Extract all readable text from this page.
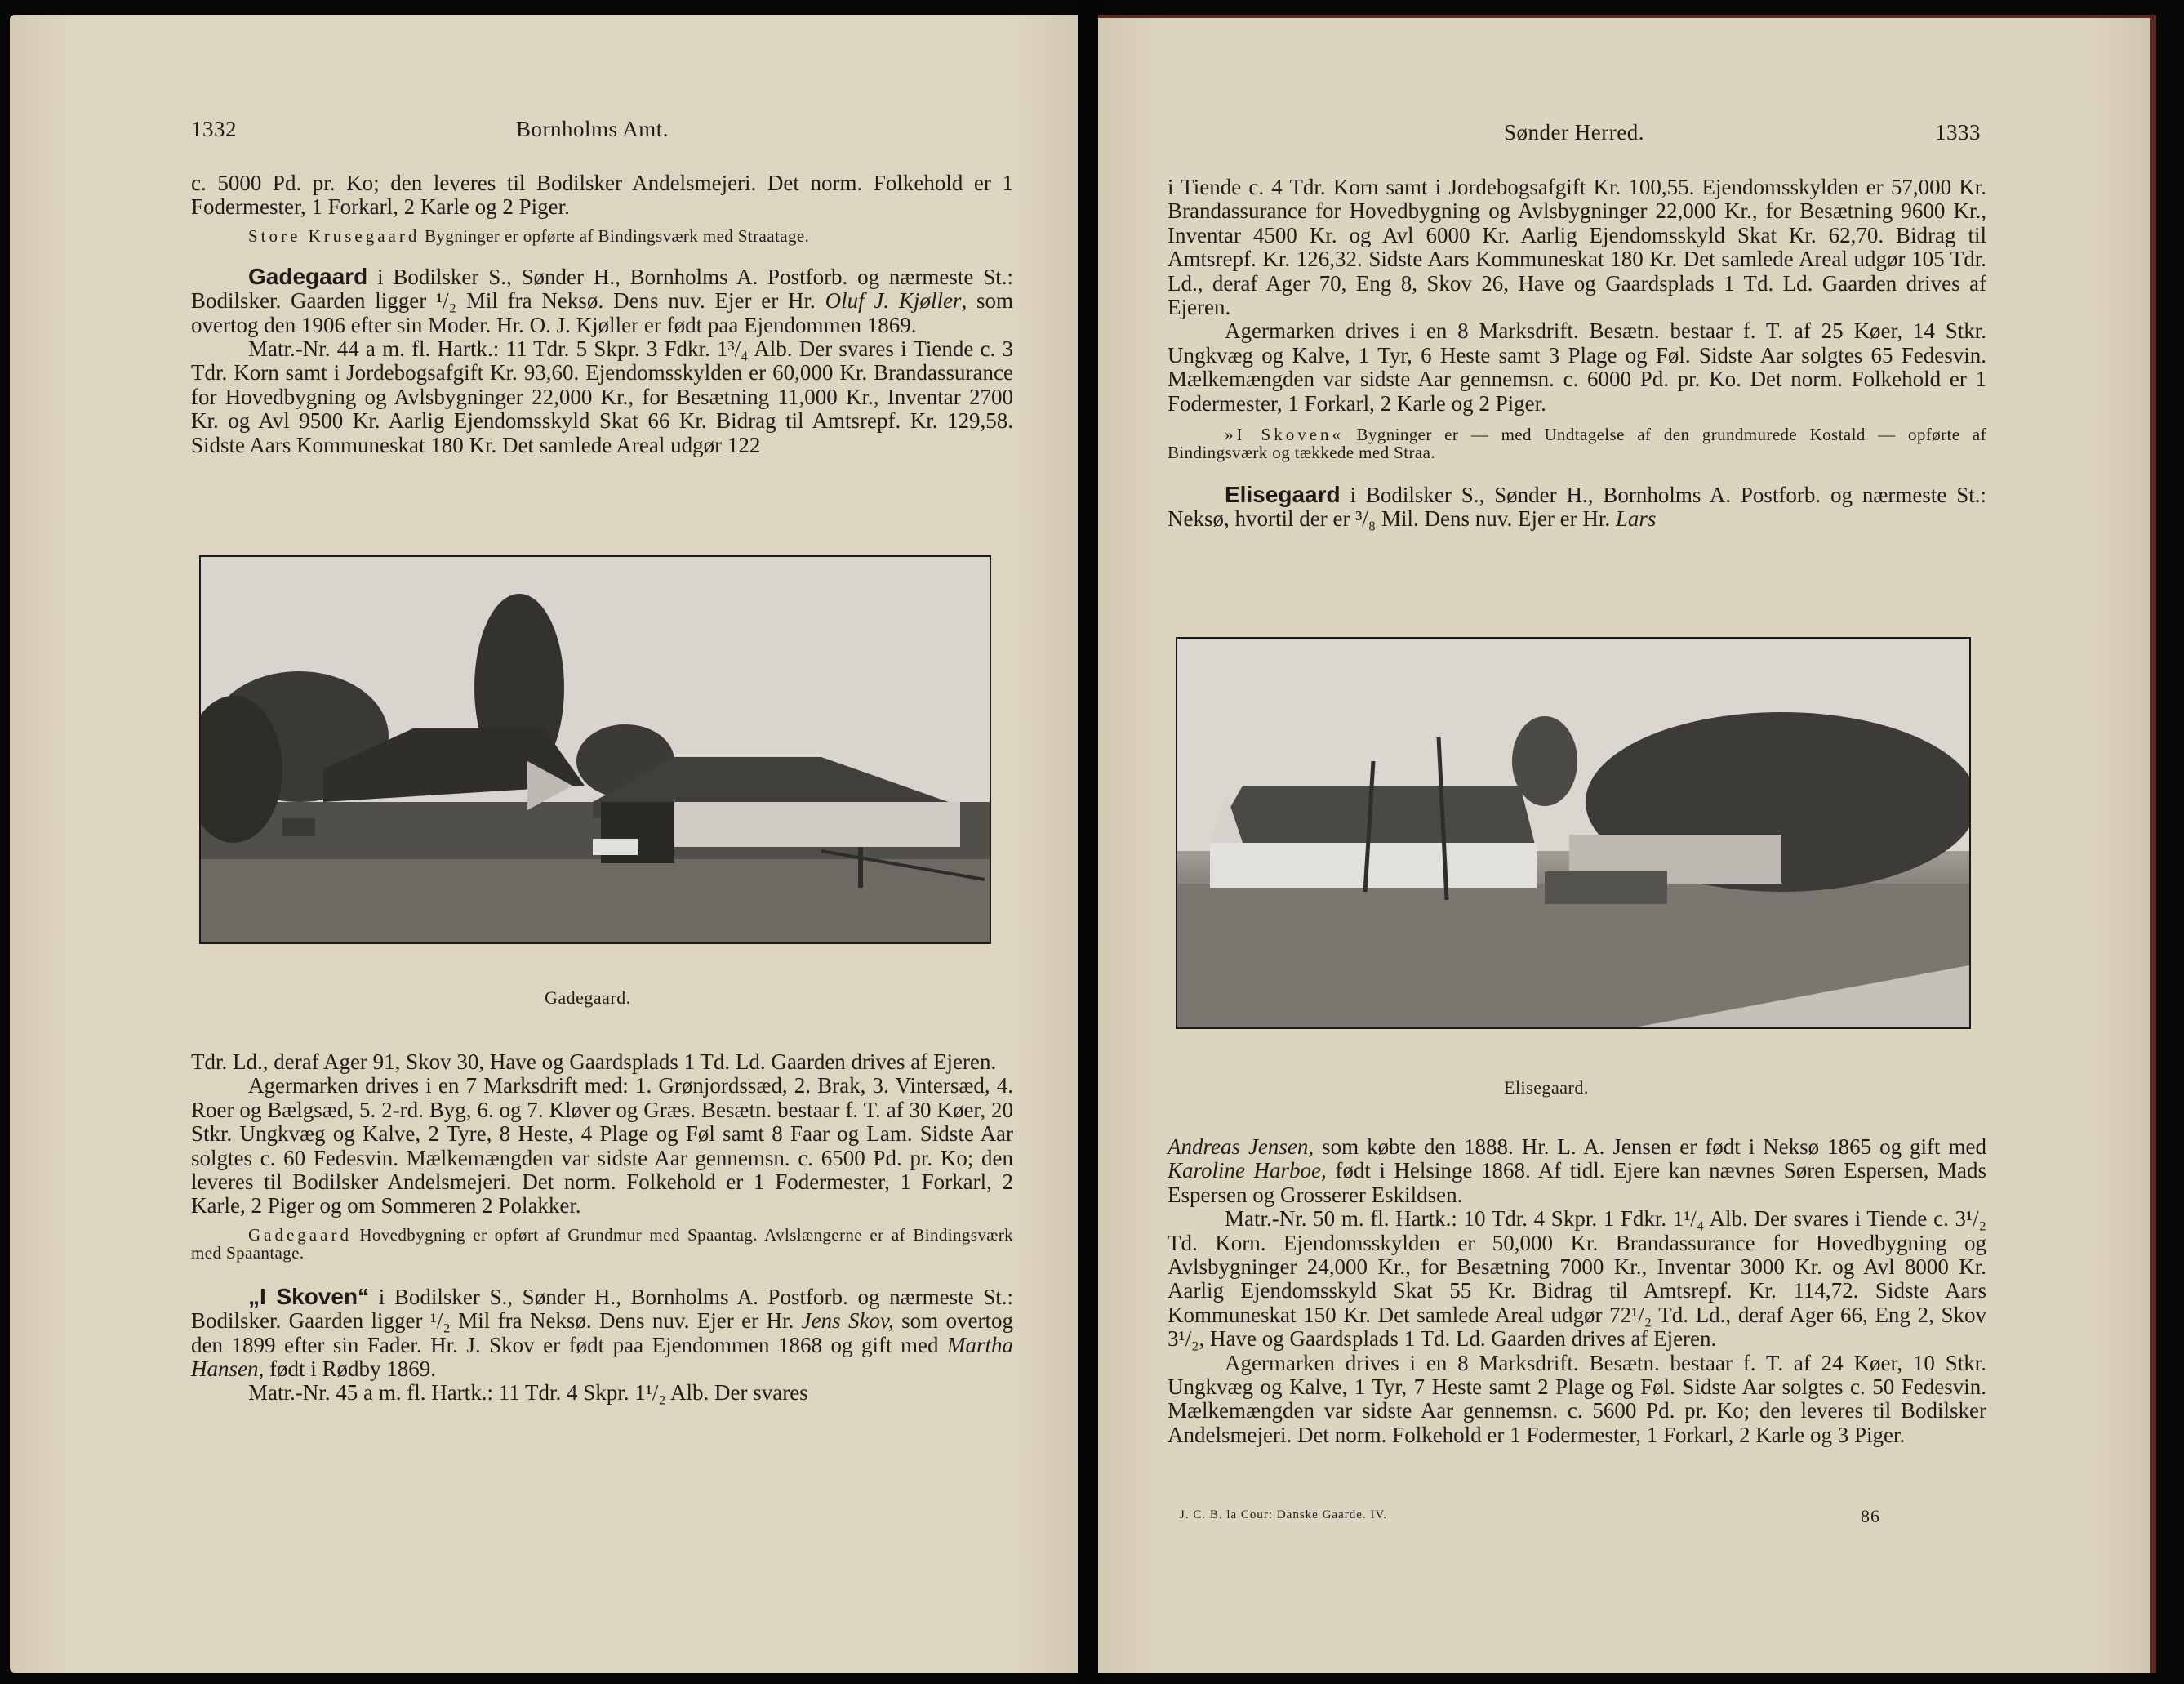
1332	Bornholms Amt.

c. 5000 Pd. pr. Ko; den leveres til Bodilsker Andelsmejeri. Det norm. Folkehold er 1 Fodermester, 1 Forkarl, 2 Karle og 2 Piger.

Store Krusegaard Bygninger er opførte af Bindingsværk med Straatage.

Gadegaard i Bodilsker S., Sønder H., Bornholms A. Postforb. og nærmeste St.: Bodilsker. Gaarden ligger ¹/₂ Mil fra Neksø. Dens nuv. Ejer er Hr. Oluf J. Kjøller, som overtog den 1906 efter sin Moder. Hr. O. J. Kjøller er født paa Ejendommen 1869.

Matr.-Nr. 44 a m. fl. Hartk.: 11 Tdr. 5 Skpr. 3 Fdkr. 1³/₄ Alb. Der svares i Tiende c. 3 Tdr. Korn samt i Jordebogsafgift Kr. 93,60. Ejendomsskylden er 60,000 Kr. Brandassurance for Hovedbygning og Avlsbygninger 22,000 Kr., for Besætning 11,000 Kr., Inventar 2700 Kr. og Avl 9500 Kr. Aarlig Ejendomsskyld Skat 66 Kr. Bidrag til Amtsrepf. Kr. 129,58. Sidste Aars Kommuneskat 180 Kr. Det samlede Areal udgør 122

Gadegaard.

Tdr. Ld., deraf Ager 91, Skov 30, Have og Gaardsplads 1 Td. Ld. Gaarden drives af Ejeren.

Agermarken drives i en 7 Marksdrift med: 1. Grønjordssæd, 2. Brak, 3. Vintersæd, 4. Roer og Bælgsæd, 5. 2-rd. Byg, 6. og 7. Kløver og Græs. Besætn. bestaar f. T. af 30 Køer, 20 Stkr. Ungkvæg og Kalve, 2 Tyre, 8 Heste, 4 Plage og Føl samt 8 Faar og Lam. Sidste Aar solgtes c. 60 Fedesvin. Mælkemængden var sidste Aar gennemsn. c. 6500 Pd. pr. Ko; den leveres til Bodilsker Andelsmejeri. Det norm. Folkehold er 1 Fodermester, 1 Forkarl, 2 Karle, 2 Piger og om Sommeren 2 Polakker.

Gadegaard Hovedbygning er opført af Grundmur med Spaantag. Avlslængerne er af Bindingsværk med Spaantage.

„I Skoven“ i Bodilsker S., Sønder H., Bornholms A. Postforb. og nærmeste St.: Bodilsker. Gaarden ligger ¹/₂ Mil fra Neksø. Dens nuv. Ejer er Hr. Jens Skov, som overtog den 1899 efter sin Fader. Hr. J. Skov er født paa Ejendommen 1868 og gift med Martha Hansen, født i Rødby 1869.

Matr.-Nr. 45 a m. fl. Hartk.: 11 Tdr. 4 Skpr. 1¹/₂ Alb. Der svares

Sønder Herred.	1333

i Tiende c. 4 Tdr. Korn samt i Jordebogsafgift Kr. 100,55. Ejendomsskylden er 57,000 Kr. Brandassurance for Hovedbygning og Avlsbygninger 22,000 Kr., for Besætning 9600 Kr., Inventar 4500 Kr. og Avl 6000 Kr. Aarlig Ejendomsskyld Skat Kr. 62,70. Bidrag til Amtsrepf. Kr. 126,32. Sidste Aars Kommuneskat 180 Kr. Det samlede Areal udgør 105 Tdr. Ld., deraf Ager 70, Eng 8, Skov 26, Have og Gaardsplads 1 Td. Ld. Gaarden drives af Ejeren.

Agermarken drives i en 8 Marksdrift. Besætn. bestaar f. T. af 25 Køer, 14 Stkr. Ungkvæg og Kalve, 1 Tyr, 6 Heste samt 3 Plage og Føl. Sidste Aar solgtes 65 Fedesvin. Mælkemængden var sidste Aar gennemsn. c. 6000 Pd. pr. Ko. Det norm. Folkehold er 1 Fodermester, 1 Forkarl, 2 Karle og 2 Piger.

»I Skoven« Bygninger er — med Undtagelse af den grundmurede Kostald — opførte af Bindingsværk og tækkede med Straa.

Elisegaard i Bodilsker S., Sønder H., Bornholms A. Postforb. og nærmeste St.: Neksø, hvortil der er ³/₈ Mil. Dens nuv. Ejer er Hr. Lars

Elisegaard.

Andreas Jensen, som købte den 1888. Hr. L. A. Jensen er født i Neksø 1865 og gift med Karoline Harboe, født i Helsinge 1868. Af tidl. Ejere kan nævnes Søren Espersen, Mads Espersen og Grosserer Eskildsen.

Matr.-Nr. 50 m. fl. Hartk.: 10 Tdr. 4 Skpr. 1 Fdkr. 1¹/₄ Alb. Der svares i Tiende c. 3¹/₂ Td. Korn. Ejendomsskylden er 50,000 Kr. Brandassurance for Hovedbygning og Avlsbygninger 24,000 Kr., for Besætning 7000 Kr., Inventar 3000 Kr. og Avl 8000 Kr. Aarlig Ejendomsskyld Skat 55 Kr. Bidrag til Amtsrepf. Kr. 114,72. Sidste Aars Kommuneskat 150 Kr. Det samlede Areal udgør 72¹/₂ Td. Ld., deraf Ager 66, Eng 2, Skov 3¹/₂, Have og Gaardsplads 1 Td. Ld. Gaarden drives af Ejeren.

Agermarken drives i en 8 Marksdrift. Besætn. bestaar f. T. af 24 Køer, 10 Stkr. Ungkvæg og Kalve, 1 Tyr, 7 Heste samt 2 Plage og Føl. Sidste Aar solgtes c. 50 Fedesvin. Mælkemængden var sidste Aar gennemsn. c. 5600 Pd. pr. Ko; den leveres til Bodilsker Andelsmejeri. Det norm. Folkehold er 1 Fodermester, 1 Forkarl, 2 Karle og 3 Piger.

J. C. B. la Cour: Danske Gaarde. IV.	86
